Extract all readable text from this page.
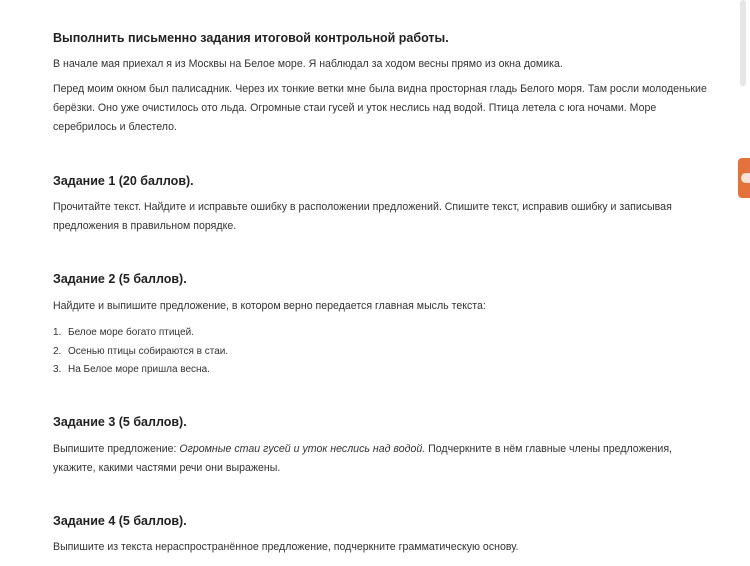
Выполнить письменно задания итоговой контрольной работы.
В начале мая приехал я из Москвы на Белое море. Я наблюдал за ходом весны прямо из окна домика.
Перед моим окном был палисадник. Через их тонкие ветки мне была видна просторная гладь Белого моря. Там росли молоденькие берёзки. Оно уже очистилось ото льда. Огромные стаи гусей и уток неслись над водой. Птица летела с юга ночами. Море серебрилось и блестело.
Задание 1 (20 баллов).
Прочитайте текст. Найдите и исправьте ошибку в расположении предложений. Спишите текст, исправив ошибку и записывая предложения в правильном порядке.
Задание 2 (5 баллов).
Найдите и выпишите предложение, в котором верно передается главная мысль текста:
1. Белое море богато птицей.
2. Осенью птицы собираются в стаи.
3. На Белое море пришла весна.
Задание 3 (5 баллов).
Выпишите предложение: Огромные стаи гусей и уток неслись над водой. Подчеркните в нём главные члены предложения, укажите, какими частями речи они выражены.
Задание 4 (5 баллов).
Выпишите из текста нераспространённое предложение, подчеркните грамматическую основу.
